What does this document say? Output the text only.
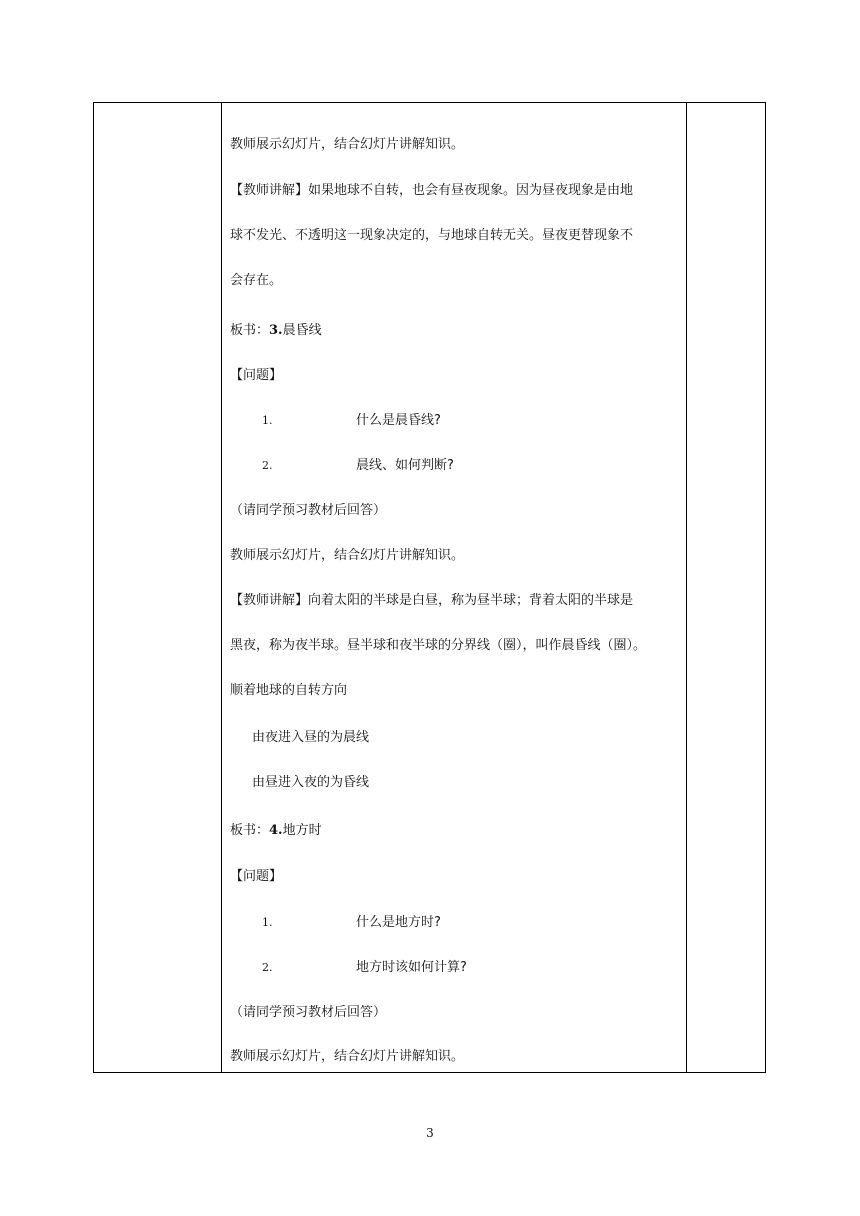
教师展示幻灯片，结合幻灯片讲解知识。
【教师讲解】如果地球不自转，也会有昼夜现象。因为昼夜现象是由地
球不发光、不透明这一现象决定的，与地球自转无关。昼夜更替现象不
会存在。
板书：3.晨昏线
【问题】
1.	什么是晨昏线?
2.	晨线、如何判断?
（请同学预习教材后回答）
教师展示幻灯片，结合幻灯片讲解知识。
【教师讲解】向着太阳的半球是白昼，称为昼半球；背着太阳的半球是
黑夜，称为夜半球。昼半球和夜半球的分界线（圈），叫作晨昏线（圈）。
顺着地球的自转方向
由夜进入昼的为晨线
由昼进入夜的为昏线
板书：4.地方时
【问题】
1.	什么是地方时?
2.	地方时该如何计算?
（请同学预习教材后回答）
教师展示幻灯片，结合幻灯片讲解知识。
3
